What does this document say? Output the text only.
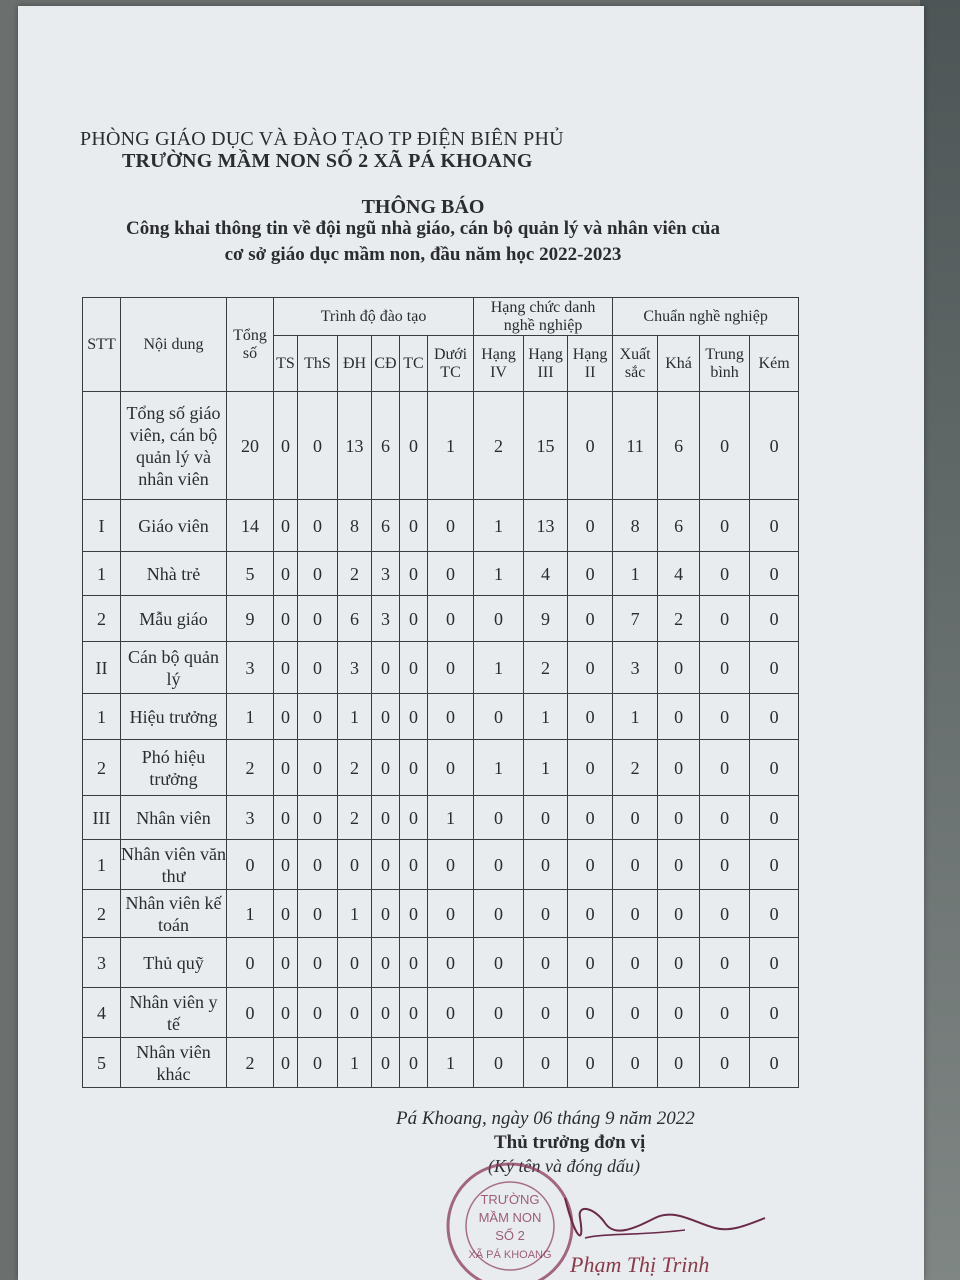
PHÒNG GIÁO DỤC VÀ ĐÀO TẠO TP ĐIỆN BIÊN PHỦ
TRƯỜNG MẦM NON SỐ 2 XÃ PÁ KHOANG
THÔNG BÁO
Công khai thông tin về đội ngũ nhà giáo, cán bộ quản lý và nhân viên của
cơ sở giáo dục mầm non, đầu năm học 2022-2023
STT	Nội dung	Tổng số	Trình độ đào tạo						Hạng chức danh nghề nghiệp			Chuẩn nghề nghiệp			
			TS	ThS	ĐH	CĐ	TC	Dưới TC	Hạng IV	Hạng III	Hạng II	Xuất sắc	Khá	Trung bình	Kém
	Tổng số giáo viên, cán bộ quản lý và nhân viên	20	0	0	13	6	0	1	2	15	0	11	6	0	0
I	Giáo viên	14	0	0	8	6	0	0	1	13	0	8	6	0	0
1	Nhà trẻ	5	0	0	2	3	0	0	1	4	0	1	4	0	0
2	Mẫu giáo	9	0	0	6	3	0	0	0	9	0	7	2	0	0
II	Cán bộ quản lý	3	0	0	3	0	0	0	1	2	0	3	0	0	0
1	Hiệu trưởng	1	0	0	1	0	0	0	0	1	0	1	0	0	0
2	Phó hiệu trưởng	2	0	0	2	0	0	0	1	1	0	2	0	0	0
III	Nhân viên	3	0	0	2	0	0	1	0	0	0	0	0	0	0
1	Nhân viên văn thư	0	0	0	0	0	0	0	0	0	0	0	0	0	0
2	Nhân viên kế toán	1	0	0	1	0	0	0	0	0	0	0	0	0	0
3	Thủ quỹ	0	0	0	0	0	0	0	0	0	0	0	0	0	0
4	Nhân viên y tế	0	0	0	0	0	0	0	0	0	0	0	0	0	0
5	Nhân viên khác	2	0	0	1	0	0	1	0	0	0	0	0	0	0
Pá Khoang, ngày 06 tháng 9 năm 2022
Thủ trưởng đơn vị
(Ký tên và đóng dấu)
TRƯỜNG
MẦM NON
SỐ 2
XÃ PÁ KHOANG Phạm Thị Trinh
